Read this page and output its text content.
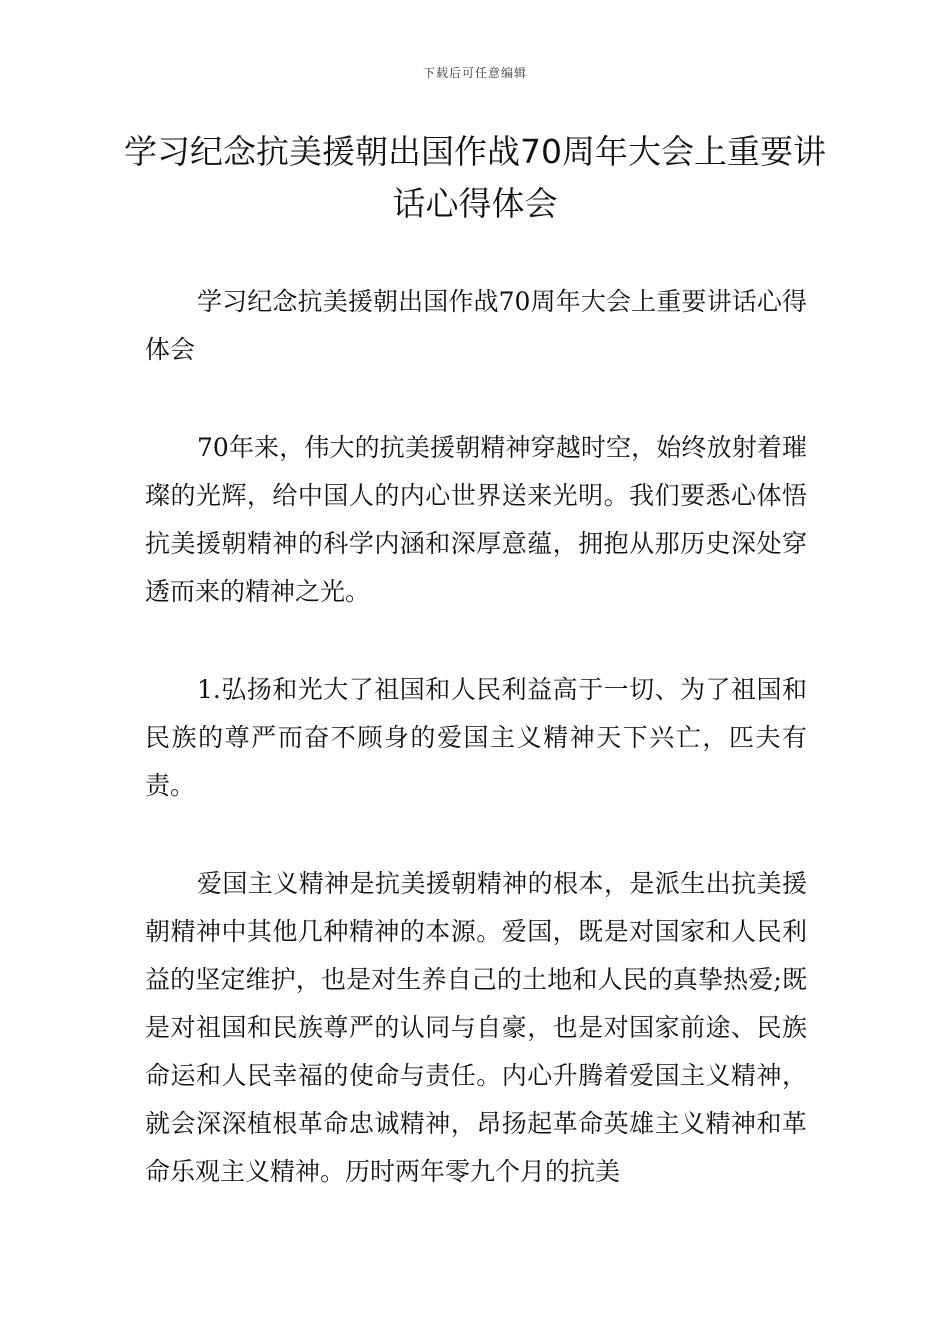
下载后可任意编辑
学习纪念抗美援朝出国作战70周年大会上重要讲话心得体会

学习纪念抗美援朝出国作战70周年大会上重要讲话心得体会

70年来，伟大的抗美援朝精神穿越时空，始终放射着璀璨的光辉，给中国人的内心世界送来光明。我们要悉心体悟抗美援朝精神的科学内涵和深厚意蕴，拥抱从那历史深处穿透而来的精神之光。

1.弘扬和光大了祖国和人民利益高于一切、为了祖国和民族的尊严而奋不顾身的爱国主义精神天下兴亡，匹夫有责。

爱国主义精神是抗美援朝精神的根本，是派生出抗美援朝精神中其他几种精神的本源。爱国，既是对国家和人民利益的坚定维护，也是对生养自己的土地和人民的真挚热爱;既是对祖国和民族尊严的认同与自豪，也是对国家前途、民族命运和人民幸福的使命与责任。内心升腾着爱国主义精神，就会深深植根革命忠诚精神，昂扬起革命英雄主义精神和革命乐观主义精神。历时两年零九个月的抗美
